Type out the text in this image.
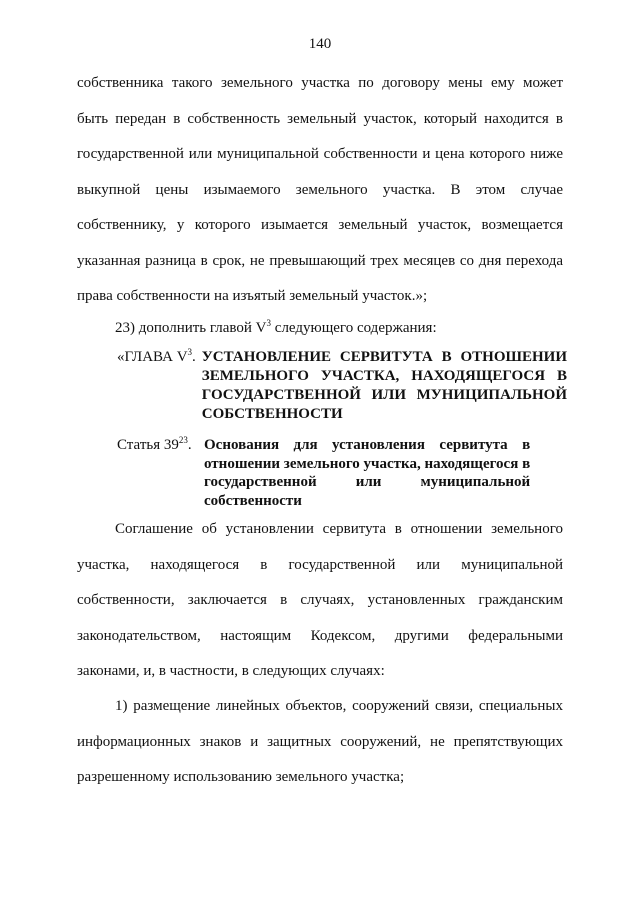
140
собственника такого земельного участка по договору мены ему может
быть передан в собственность земельный участок, который находится в
государственной или муниципальной собственности и цена которого ниже
выкупной цены изымаемого земельного участка. В этом случае
собственнику, у которого изымается земельный участок, возмещается
указанная разница в срок, не превышающий трех месяцев со дня перехода
права собственности на изъятый земельный участок.»;
23) дополнить главой $V^3$ следующего содержания:
«ГЛАВА $V^3$. УСТАНОВЛЕНИЕ СЕРВИТУТА В ОТНОШЕНИИ ЗЕМЕЛЬНОГО УЧАСТКА, НАХОДЯЩЕГОСЯ В ГОСУДАРСТВЕННОЙ ИЛИ МУНИЦИПАЛЬНОЙ СОБСТВЕННОСТИ
Статья $39^{23}$. Основания для установления сервитута в
отношении земельного участка, находящегося в
государственной или муниципальной
собственности
Соглашение об установлении сервитута в отношении земельного
участка, находящегося в государственной или муниципальной
собственности, заключается в случаях, установленных гражданским
законодательством, настоящим Кодексом, другими федеральными
законами, и, в частности, в следующих случаях:
1) размещение линейных объектов, сооружений связи, специальных
информационных знаков и защитных сооружений, не препятствующих
разрешенному использованию земельного участка;
